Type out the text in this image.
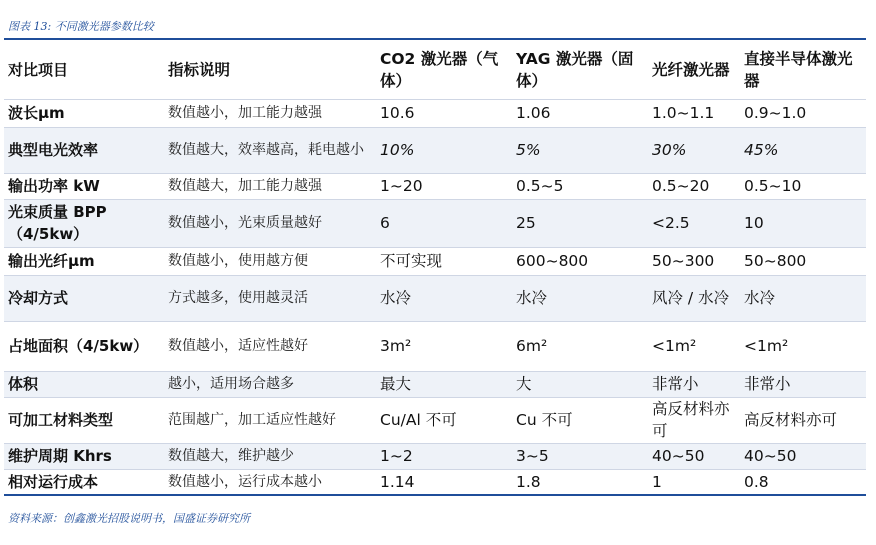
图表 13: 不同激光器参数比较
对比项目	指标说明	CO2 激光器（气体）	YAG 激光器（固体）	光纤激光器	直接半导体激光器
波长μm	数值越小，加工能力越强	10.6	1.06	1.0~1.1	0.9~1.0
典型电光效率	数值越大，效率越高，耗电越小	10%	5%	30%	45%
输出功率 kW	数值越大，加工能力越强	1~20	0.5~5	0.5~20	0.5~10
光束质量 BPP（4/5kw）	数值越小，光束质量越好	6	25	<2.5	10
输出光纤μm	数值越小，使用越方便	不可实现	600~800	50~300	50~800
冷却方式	方式越多，使用越灵活	水冷	水冷	风冷 / 水冷	水冷
占地面积（4/5kw）	数值越小，适应性越好	3m²	6m²	<1m²	<1m²
体积	越小，适用场合越多	最大	大	非常小	非常小
可加工材料类型	范围越广，加工适应性越好	Cu/Al 不可	Cu 不可	高反材料亦可	高反材料亦可
维护周期 Khrs	数值越大，维护越少	1~2	3~5	40~50	40~50
相对运行成本	数值越小，运行成本越小	1.14	1.8	1	0.8
资料来源：创鑫激光招股说明书，国盛证券研究所
